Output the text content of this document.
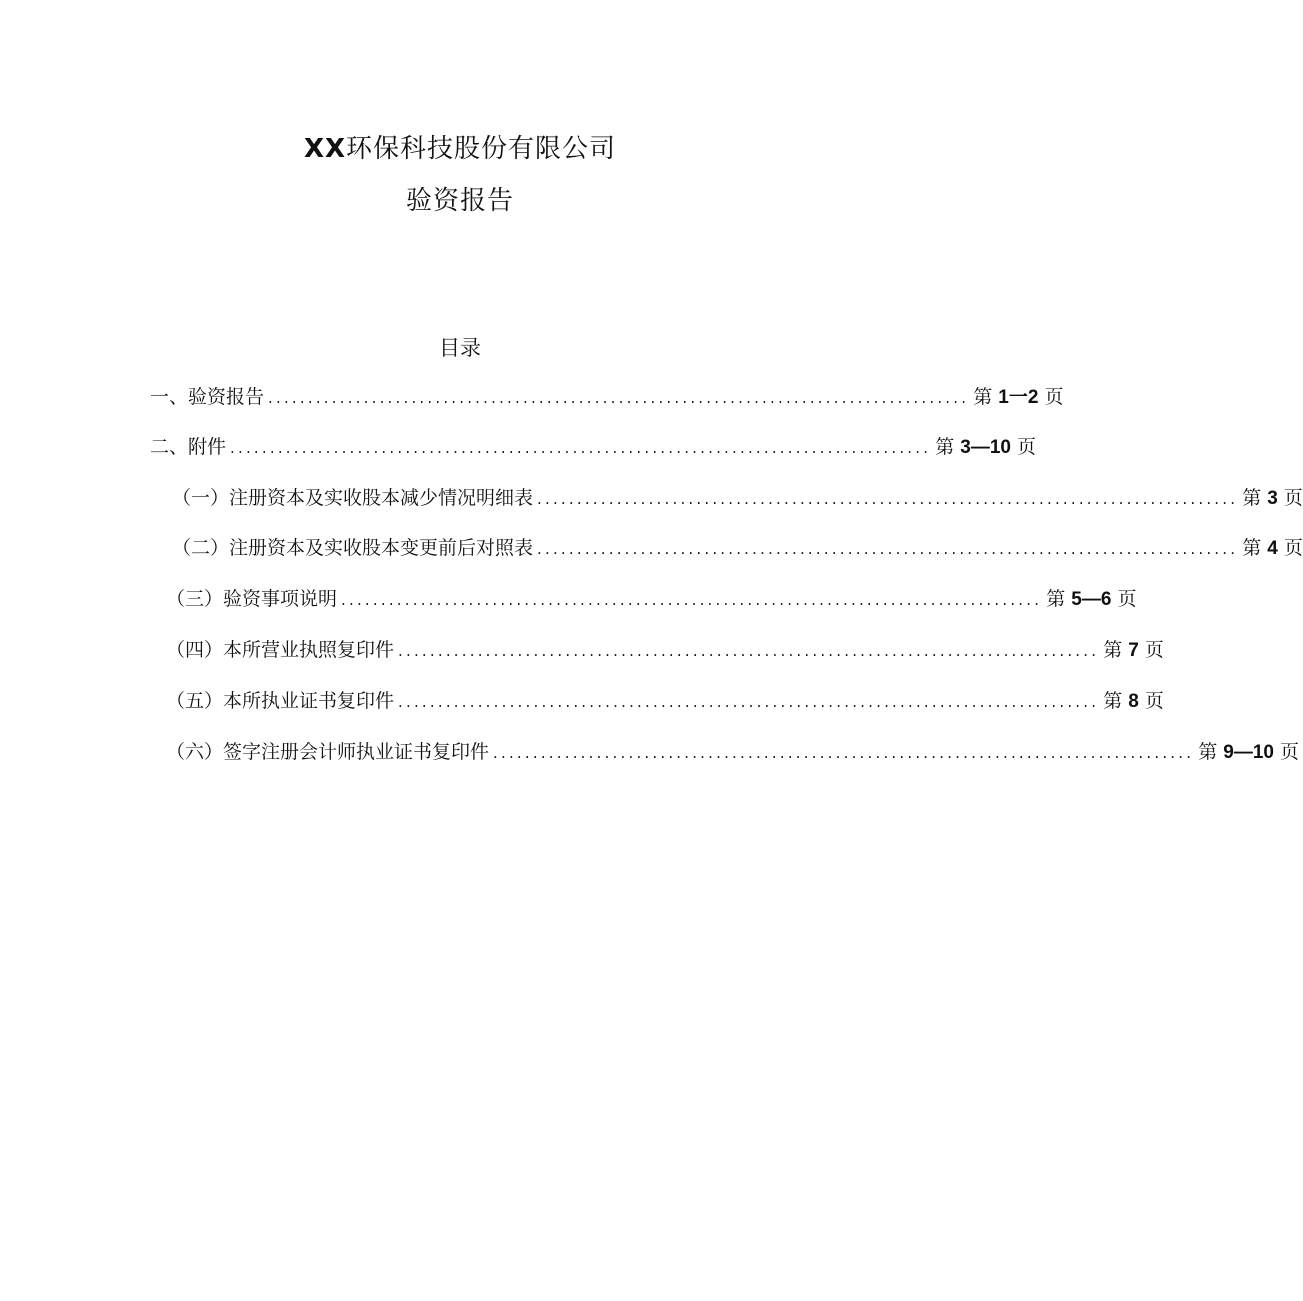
XX环保科技股份有限公司
验资报告
目录
一、验资报告 ........................................................................................ 第 1一2 页
二、附件 ........................................................................................ 第 3—10 页
（一）注册资本及实收股本减少情况明细表 ........................................................................................ 第 3 页
（二）注册资本及实收股本变更前后对照表 ........................................................................................ 第 4 页
（三）验资事项说明 ........................................................................................ 第 5—6 页
（四）本所营业执照复印件 ........................................................................................ 第 7 页
（五）本所执业证书复印件 ........................................................................................ 第 8 页
（六）签字注册会计师执业证书复印件 ........................................................................................ 第 9—10 页
